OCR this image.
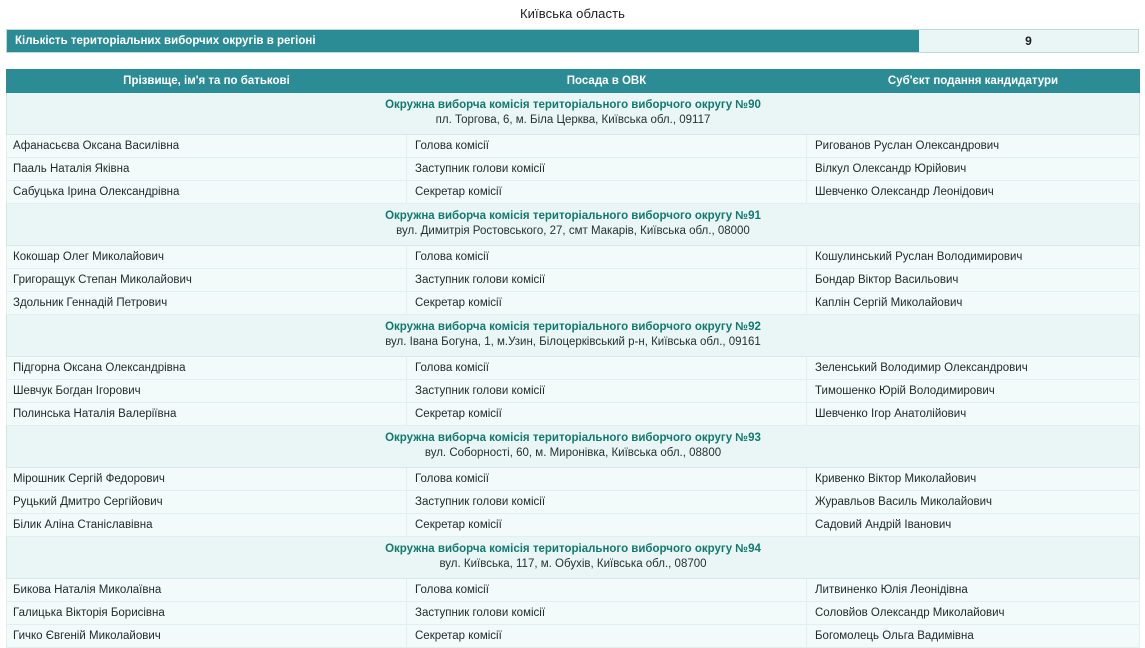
Київська область
Кількість територіальних виборчих округів в регіоні	9
Прізвище, ім'я та по батькові	Посада в ОВК	Суб'єкт подання кандидатури

Окружна виборча комісія територіального виборчого округу №90
пл. Торгова, 6, м. Біла Церква, Київська обл., 09117		

Афанасьєва Оксана Василівна	Голова комісії	Ригованов Руслан Олександрович
Пааль Наталія Яківна	Заступник голови комісії	Вілкул Олександр Юрійович
Сабуцька Ірина Олександрівна	Секретар комісії	Шевченко Олександр Леонідович

Окружна виборча комісія територіального виборчого округу №91
вул. Димитрія Ростовського, 27, смт Макарів, Київська обл., 08000		

Кокошар Олег Миколайович	Голова комісії	Кошулинський Руслан Володимирович
Григоращук Степан Миколайович	Заступник голови комісії	Бондар Віктор Васильович
Здольник Геннадій Петрович	Секретар комісії	Каплін Сергій Миколайович

Окружна виборча комісія територіального виборчого округу №92
вул. Івана Богуна, 1, м.Узин, Білоцерківський р-н, Київська обл., 09161		

Підгорна Оксана Олександрівна	Голова комісії	Зеленський Володимир Олександрович
Шевчук Богдан Ігорович	Заступник голови комісії	Тимошенко Юрій Володимирович
Полинська Наталія Валеріївна	Секретар комісії	Шевченко Ігор Анатолійович

Окружна виборча комісія територіального виборчого округу №93
вул. Соборності, 60, м. Миронівка, Київська обл., 08800		

Мірошник Сергій Федорович	Голова комісії	Кривенко Віктор Миколайович
Руцький Дмитро Сергійович	Заступник голови комісії	Журавльов Василь Миколайович
Білик Аліна Станіславівна	Секретар комісії	Садовий Андрій Іванович

Окружна виборча комісія територіального виборчого округу №94
вул. Київська, 117, м. Обухів, Київська обл., 08700		

Бикова Наталія Миколаївна	Голова комісії	Литвиненко Юлія Леонідівна
Галицька Вікторія Борисівна	Заступник голови комісії	Соловйов Олександр Миколайович
Гичко Євгеній Миколайович	Секретар комісії	Богомолець Ольга Вадимівна
